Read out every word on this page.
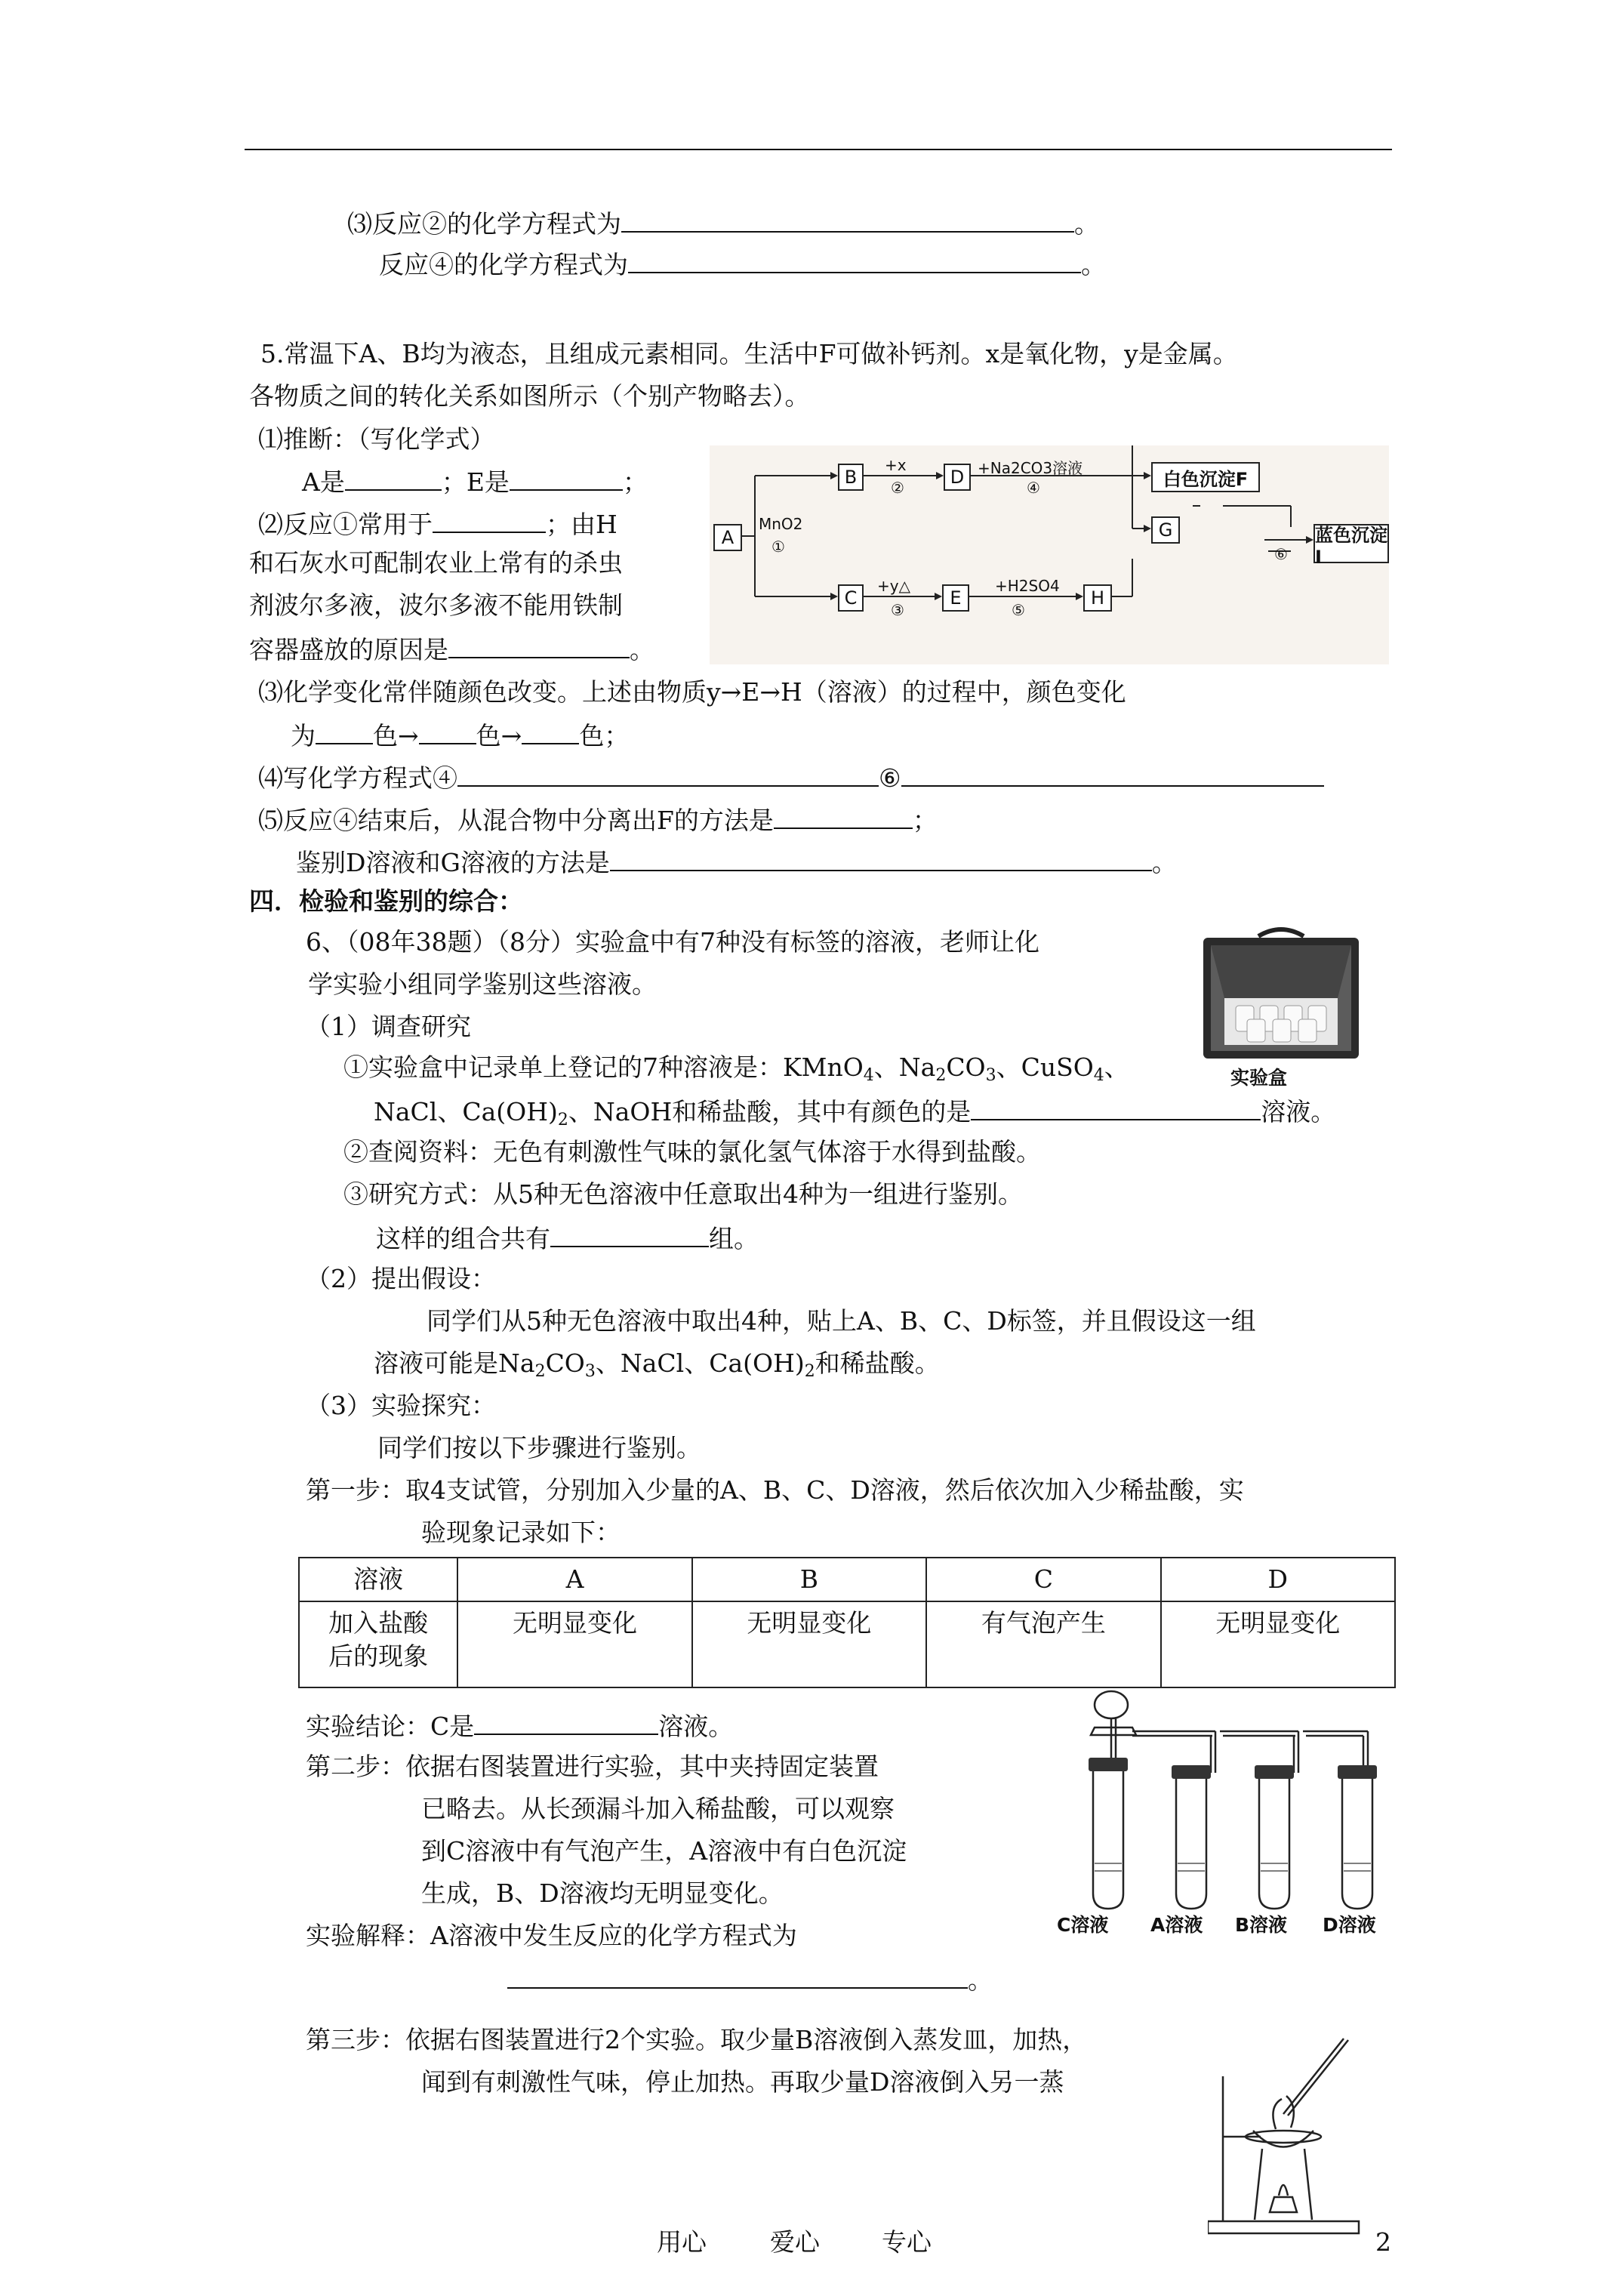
⑶反应②的化学方程式为	。
反应④的化学方程式为	。
5.常温下A、B均为液态，且组成元素相同。生活中F可做补钙剂。x是氧化物，y是金属。
各物质之间的转化关系如图所示（个别产物略去）。
⑴推断：（写化学式）
A是	；E是	；
⑵反应①常用于	；由H
和石灰水可配制农业上常有的杀虫
剂波尔多液，波尔多液不能用铁制
容器盛放的原因是	。
A
B	D	白色沉淀F
G	蓝色沉淀I
C	E	H
MnO2
①
+x
②
+Na2CO3溶液
④
+y△
③
+H2SO4
⑤
⑥
⑶化学变化常伴随颜色改变。上述由物质y→E→H（溶液）的过程中，颜色变化
为 色→ 色→ 色；
⑷写化学方程式④	⑥
⑸反应④结束后，从混合物中分离出F的方法是	；
鉴别D溶液和G溶液的方法是	。
四．检验和鉴别的综合：
6、（08年38题）（8分）实验盒中有7种没有标签的溶液，老师让化
学实验小组同学鉴别这些溶液。
实验盒
（1）调查研究
①实验盒中记录单上登记的7种溶液是：KMnO$_4$、$Na_2CO_3$、CuSO$_4$、
NaCl、$Ca(OH)_2$、NaOH和稀盐酸，其中有颜色的是	溶液。
②查阅资料：无色有刺激性气味的氯化氢气体溶于水得到盐酸。
③研究方式：从5种无色溶液中任意取出4种为一组进行鉴别。
这样的组合共有	组。
（2）提出假设：
同学们从5种无色溶液中取出4种，贴上A、B、C、D标签，并且假设这一组
溶液可能是$Na_2CO_3$、NaCl、$Ca(OH)_2$和稀盐酸。
（3）实验探究：
同学们按以下步骤进行鉴别。
第一步：取4支试管，分别加入少量的A、B、C、D溶液，然后依次加入少稀盐酸，实
验现象记录如下：
溶液	A	B	C	D

加入盐酸
后的现象	无明显变化	无明显变化	有气泡产生	无明显变化
实验结论：C是	溶液。
第二步：依据右图装置进行实验，其中夹持固定装置
已略去。从长颈漏斗加入稀盐酸，可以观察
到C溶液中有气泡产生，A溶液中有白色沉淀
生成，B、D溶液均无明显变化。
实验解释：A溶液中发生反应的化学方程式为
。
C溶液 A溶液 B溶液 D溶液
第三步：依据右图装置进行2个实验。取少量B溶液倒入蒸发皿，加热，
闻到有刺激性气味，停止加热。再取少量D溶液倒入另一蒸
用心	爱心 专心	2
